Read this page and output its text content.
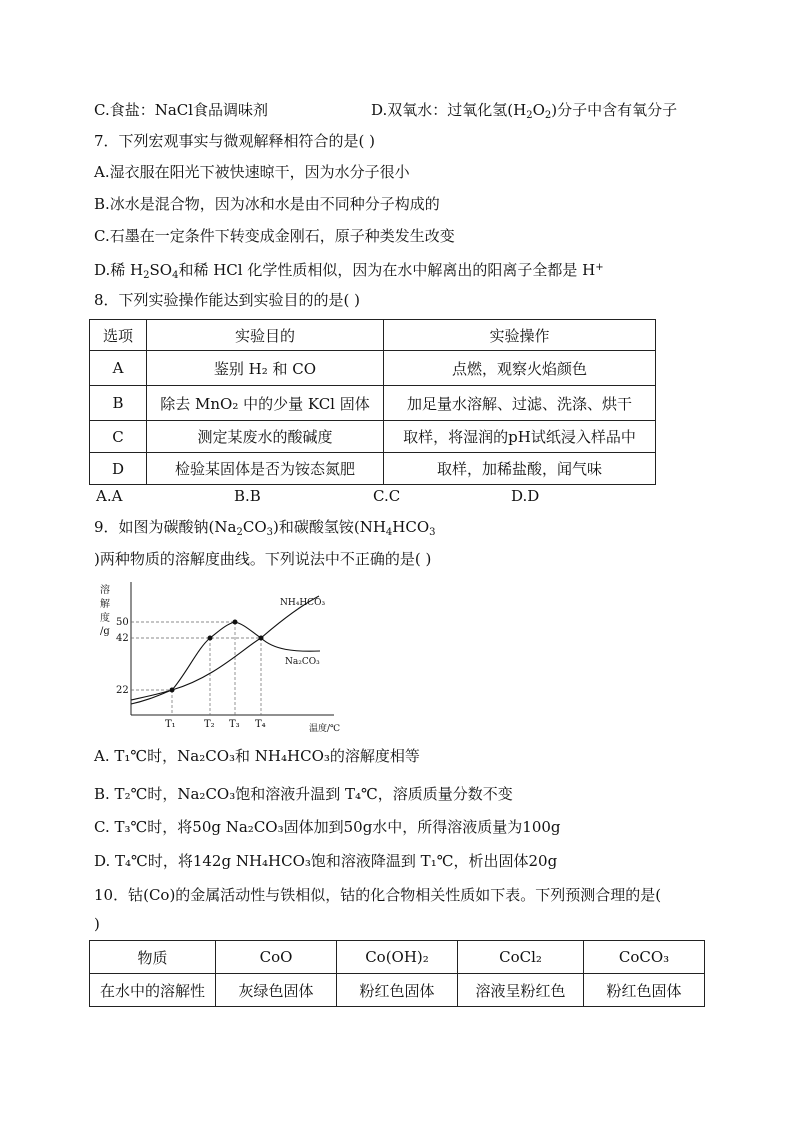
C.食盐：NaCl食品调味剂	D.双氧水：过氧化氢$(H_2O_2)$分子中含有氧分子
7．下列宏观事实与微观解释相符合的是( )
A.湿衣服在阳光下被快速晾干，因为水分子很小
B.冰水是混合物，因为冰和水是由不同种分子构成的
C.石墨在一定条件下转变成金刚石，原子种类发生改变
D.稀 $H_2SO_4$和稀 HCl 化学性质相似，因为在水中解离出的阳离子全都是 H+
8．下列实验操作能达到实验目的的是( )
选项	实验目的	实验操作
A	鉴别 H₂ 和 CO	点燃，观察火焰颜色
B	除去 MnO₂ 中的少量 KCl 固体	加足量水溶解、过滤、洗涤、烘干
C	测定某废水的酸碱度	取样，将湿润的pH试纸浸入样品中
D	检验某固体是否为铵态氮肥	取样，加稀盐酸，闻气味
A.A	B.B	C.C	D.D
9．如图为碳酸钠$(Na_2CO_3)$和碳酸氢铵($NH_4HCO_3$
)两种物质的溶解度曲线。下列说法中不正确的是( )
溶
解
度
/g
50
42
22
T₁	T₂ T₃ T₄	温度/℃
NH₄HCO₃
Na₂CO₃
A. T₁℃时，Na₂CO₃和 NH₄HCO₃的溶解度相等
B. T₂℃时，Na₂CO₃饱和溶液升温到 T₄℃，溶质质量分数不变
C. T₃℃时，将50g Na₂CO₃固体加到50g水中，所得溶液质量为100g
D. T₄℃时，将142g NH₄HCO₃饱和溶液降温到 T₁℃，析出固体20g
10．钴(Co)的金属活动性与铁相似，钴的化合物相关性质如下表。下列预测合理的是(
)
物质	CoO	Co(OH)₂	CoCl₂	CoCO₃
在水中的溶解性	灰绿色固体	粉红色固体	溶液呈粉红色	粉红色固体
